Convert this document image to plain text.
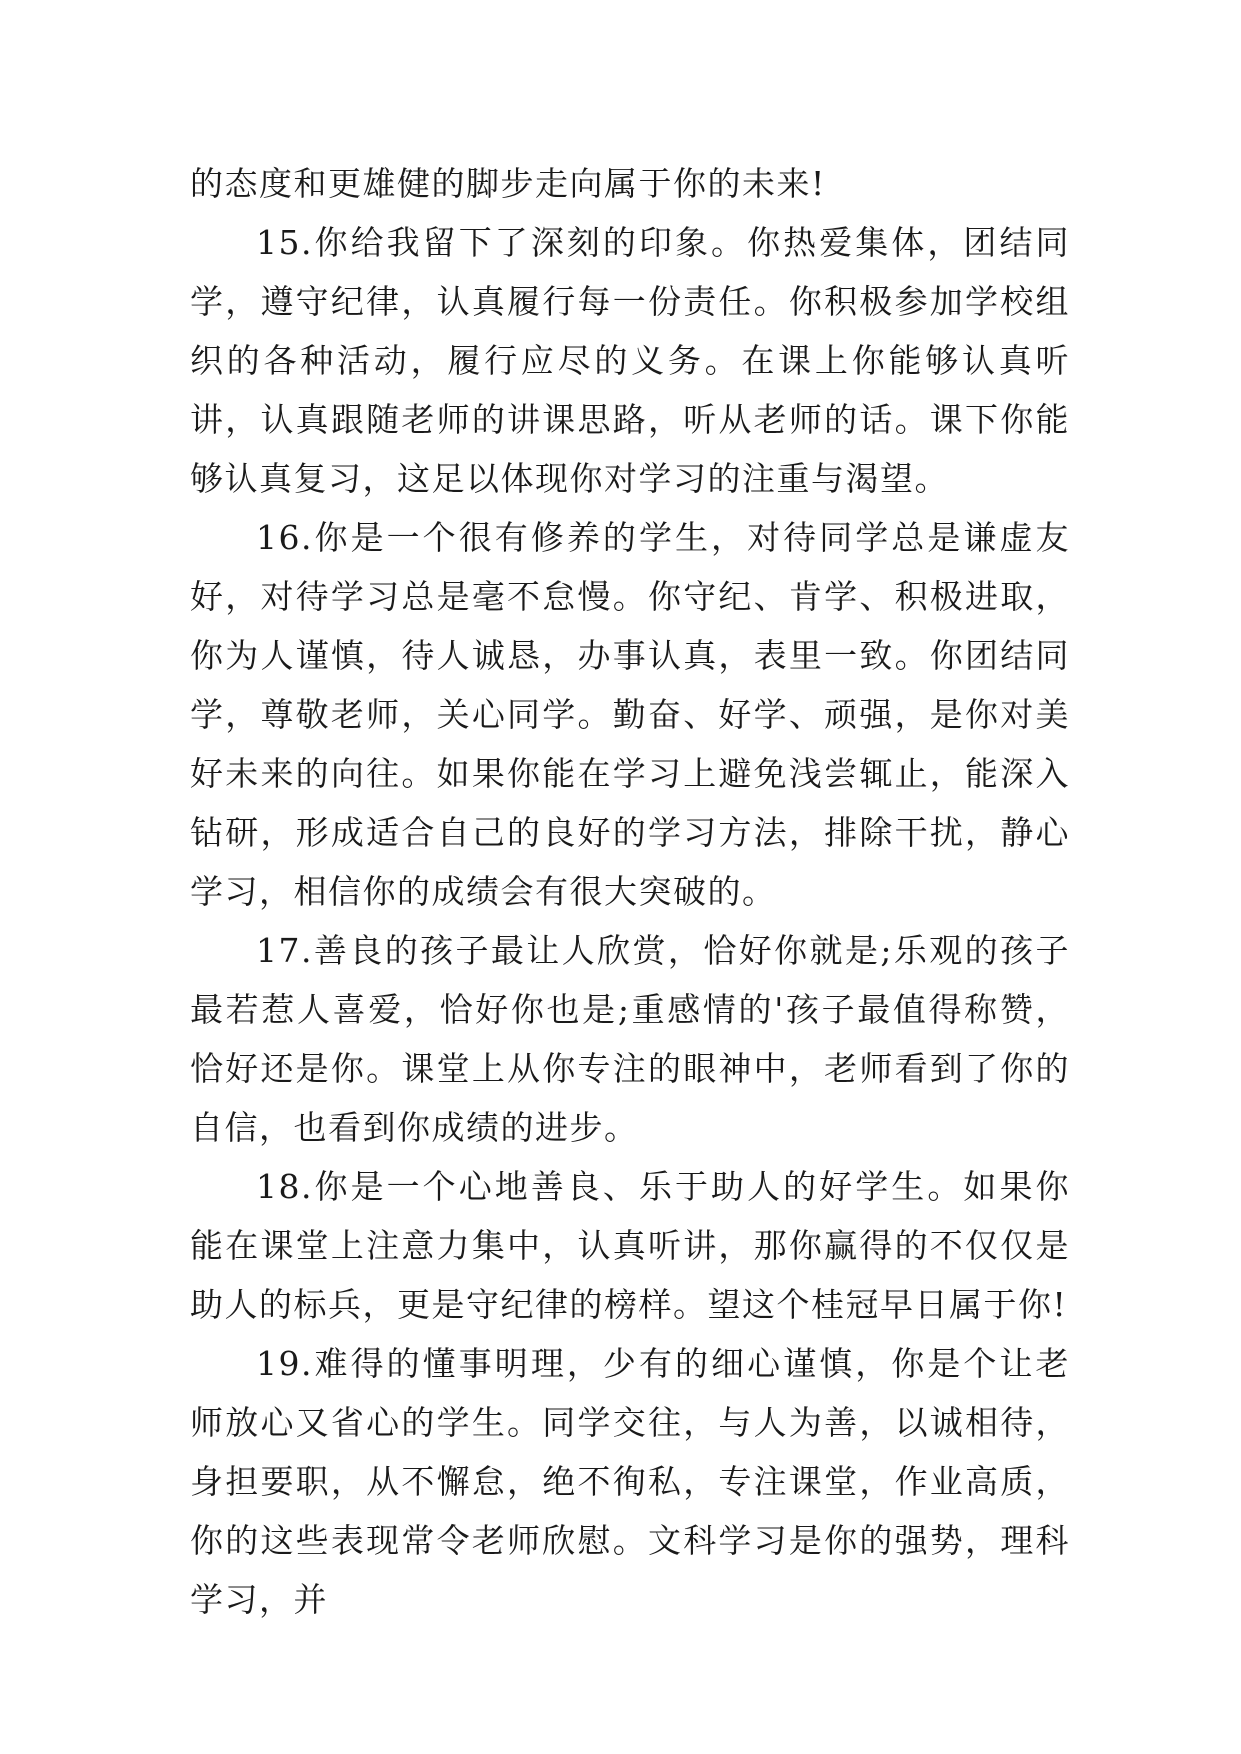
的态度和更雄健的脚步走向属于你的未来!

15.你给我留下了深刻的印象。你热爱集体，团结同学，遵守纪律，认真履行每一份责任。你积极参加学校组织的各种活动，履行应尽的义务。在课上你能够认真听讲，认真跟随老师的讲课思路，听从老师的话。课下你能够认真复习，这足以体现你对学习的注重与渴望。

16.你是一个很有修养的学生，对待同学总是谦虚友好，对待学习总是毫不怠慢。你守纪、肯学、积极进取，你为人谨慎，待人诚恳，办事认真，表里一致。你团结同学，尊敬老师，关心同学。勤奋、好学、顽强，是你对美好未来的向往。如果你能在学习上避免浅尝辄止，能深入钻研，形成适合自己的良好的学习方法，排除干扰，静心学习，相信你的成绩会有很大突破的。

17.善良的孩子最让人欣赏，恰好你就是;乐观的孩子最若惹人喜爱，恰好你也是;重感情的'孩子最值得称赞，恰好还是你。课堂上从你专注的眼神中，老师看到了你的自信，也看到你成绩的进步。

18.你是一个心地善良、乐于助人的好学生。如果你能在课堂上注意力集中，认真听讲，那你赢得的不仅仅是助人的标兵，更是守纪律的榜样。望这个桂冠早日属于你!

19.难得的懂事明理，少有的细心谨慎，你是个让老师放心又省心的学生。同学交往，与人为善，以诚相待，身担要职，从不懈怠，绝不徇私，专注课堂，作业高质，你的这些表现常令老师欣慰。文科学习是你的强势，理科学习，并
